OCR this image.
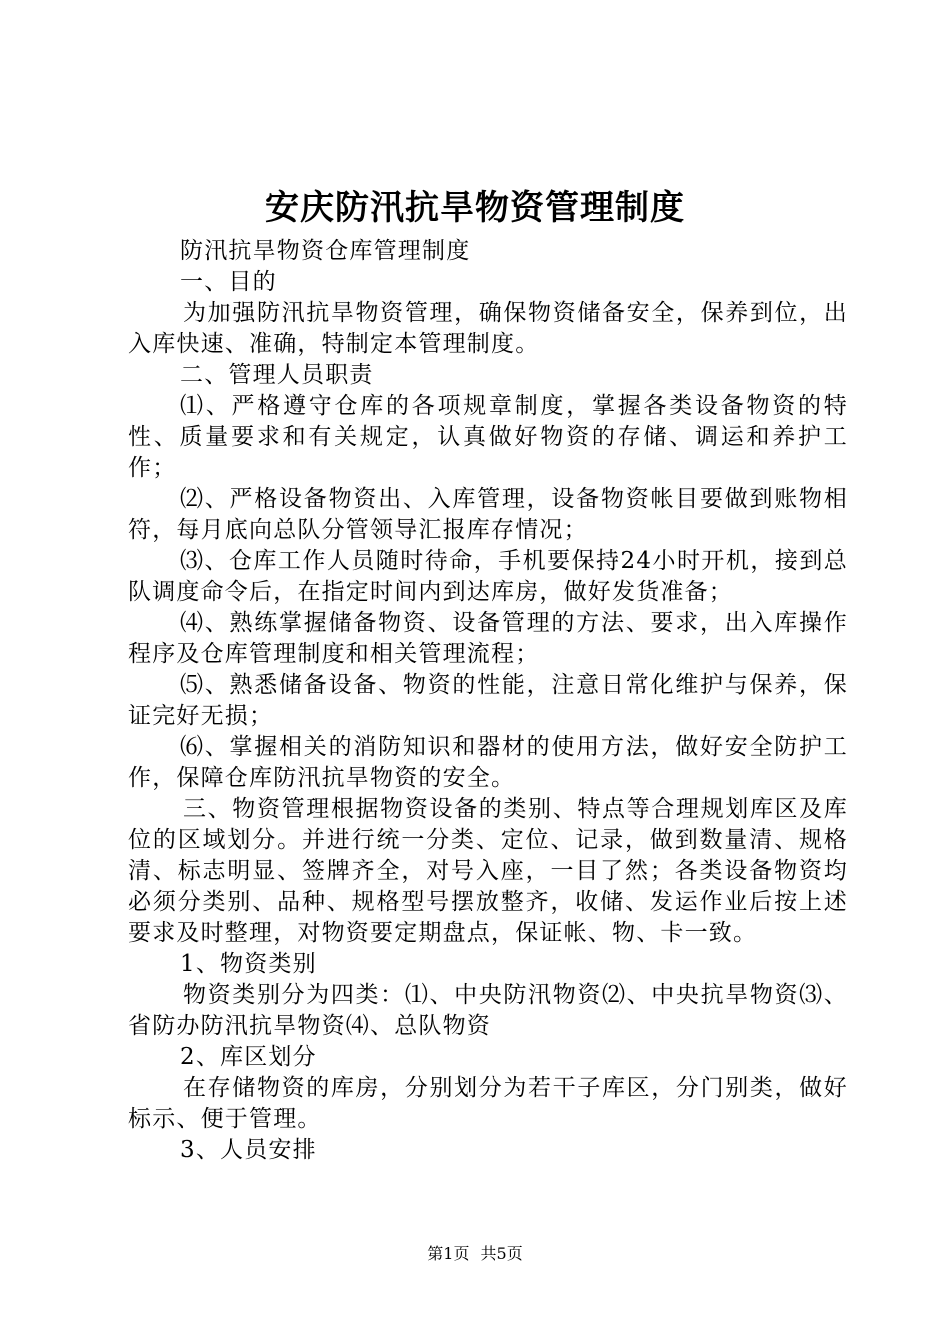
安庆防汛抗旱物资管理制度

防汛抗旱物资仓库管理制度

一、目的

为加强防汛抗旱物资管理，确保物资储备安全，保养到位，出入库快速、准确，特制定本管理制度。

二、管理人员职责

⑴、严格遵守仓库的各项规章制度，掌握各类设备物资的特性、质量要求和有关规定，认真做好物资的存储、调运和养护工作；

⑵、严格设备物资出、入库管理，设备物资帐目要做到账物相符，每月底向总队分管领导汇报库存情况；

⑶、仓库工作人员随时待命，手机要保持24小时开机，接到总队调度命令后，在指定时间内到达库房，做好发货准备；

⑷、熟练掌握储备物资、设备管理的方法、要求，出入库操作程序及仓库管理制度和相关管理流程；

⑸、熟悉储备设备、物资的性能，注意日常化维护与保养，保证完好无损；

⑹、掌握相关的消防知识和器材的使用方法，做好安全防护工作，保障仓库防汛抗旱物资的安全。

三、物资管理根据物资设备的类别、特点等合理规划库区及库位的区域划分。并进行统一分类、定位、记录，做到数量清、规格清、标志明显、签牌齐全，对号入座，一目了然；各类设备物资均必须分类别、品种、规格型号摆放整齐，收储、发运作业后按上述要求及时整理，对物资要定期盘点，保证帐、物、卡一致。

1、物资类别

物资类别分为四类：⑴、中央防汛物资⑵、中央抗旱物资⑶、省防办防汛抗旱物资⑷、总队物资

2、库区划分

在存储物资的库房，分别划分为若干子库区，分门别类，做好标示、便于管理。

3、人员安排

第1页 共5页
